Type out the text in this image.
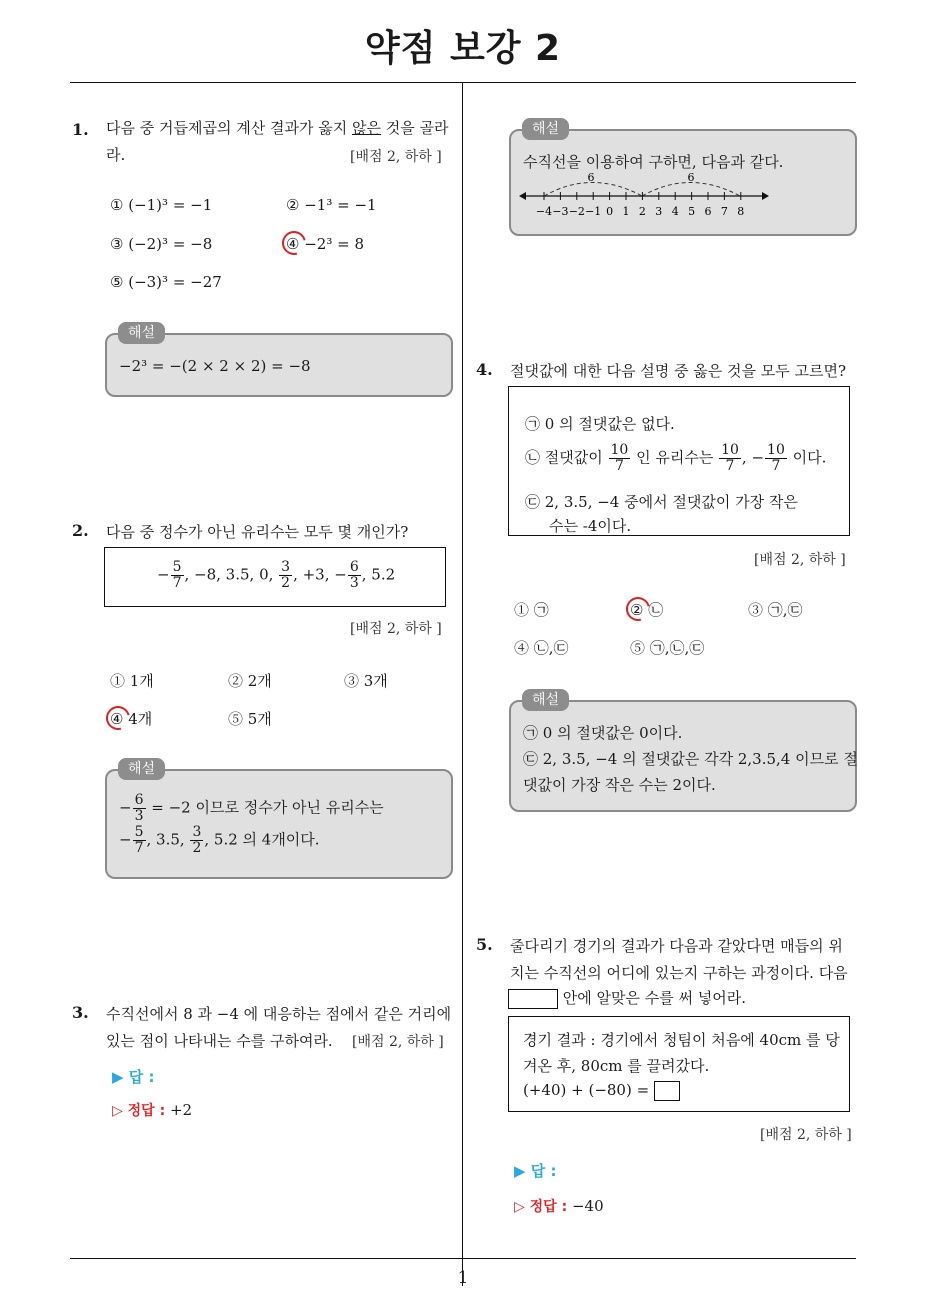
약점 보강 2
1
1. 다음 중 거듭제곱의 계산 결과가 옳지 않은 것을 골라
라.	[배점 2, 하하 ]
① (−1)³ = −1	② −1³ = −1
③ (−2)³ = −8	④ −2³ = 8
⑤ (−3)³ = −27
−2³ = −(2 × 2 × 2) = −8
해설
2. 다음 중 정수가 아닌 유리수는 모두 몇 개인가?
− $\frac{5}{7}$ , −8, 3.5, 0, $\frac{3}{2}$ , +3, − $\frac{6}{3}$ , 5.2
[배점 2, 하하 ]
① 1개	② 2개	③ 3개
④ 4개	⑤ 5개
− $\frac{6}{3} = -2$ 이므로 정수가 아닌 유리수는
− $\frac{5}{7}$ , 3.5, $\frac{3}{2}$ , 5.2 의 4개이다.
해설
3. 수직선에서 8 과 −4 에 대응하는 점에서 같은 거리에
있는 점이 나타내는 수를 구하여라. [배점 2, 하하 ]
▶ 답 :
▷ 정답 : +2
수직선을 이용하여 구하면, 다음과 같다.
−4 −3 −2 −1 0 1 2 3 4 5 6 7 8
6	6
해설
4. 절댓값에 대한 다음 설명 중 옳은 것을 모두 고르면?
㉠ 0 의 절댓값은 없다.
㉡ 절댓값이 $\frac{10}{7}$ 인 유리수는 $\frac{10}{7}$ , − $\frac{10}{7}$ 이다.
㉢ 2, 3.5, −4 중에서 절댓값이 가장 작은
수는 -4이다.
[배점 2, 하하 ]
① ㉠	② ㉡	③ ㉠,㉢
④ ㉡,㉢	⑤ ㉠,㉡,㉢
㉠ 0 의 절댓값은 0이다.
㉢ 2, 3.5, −4 의 절댓값은 각각 2,3.5,4 이므로 절
댓값이 가장 작은 수는 2이다.
해설
5. 줄다리기 경기의 결과가 다음과 같았다면 매듭의 위
치는 수직선의 어디에 있는지 구하는 과정이다. 다음
안에 알맞은 수를 써 넣어라.
경기 결과 : 경기에서 청팀이 처음에 40cm 를 당
겨온 후, 80cm 를 끌려갔다.
(+40) + (−80) =
[배점 2, 하하 ]
▶ 답 :
▷ 정답 : −40
